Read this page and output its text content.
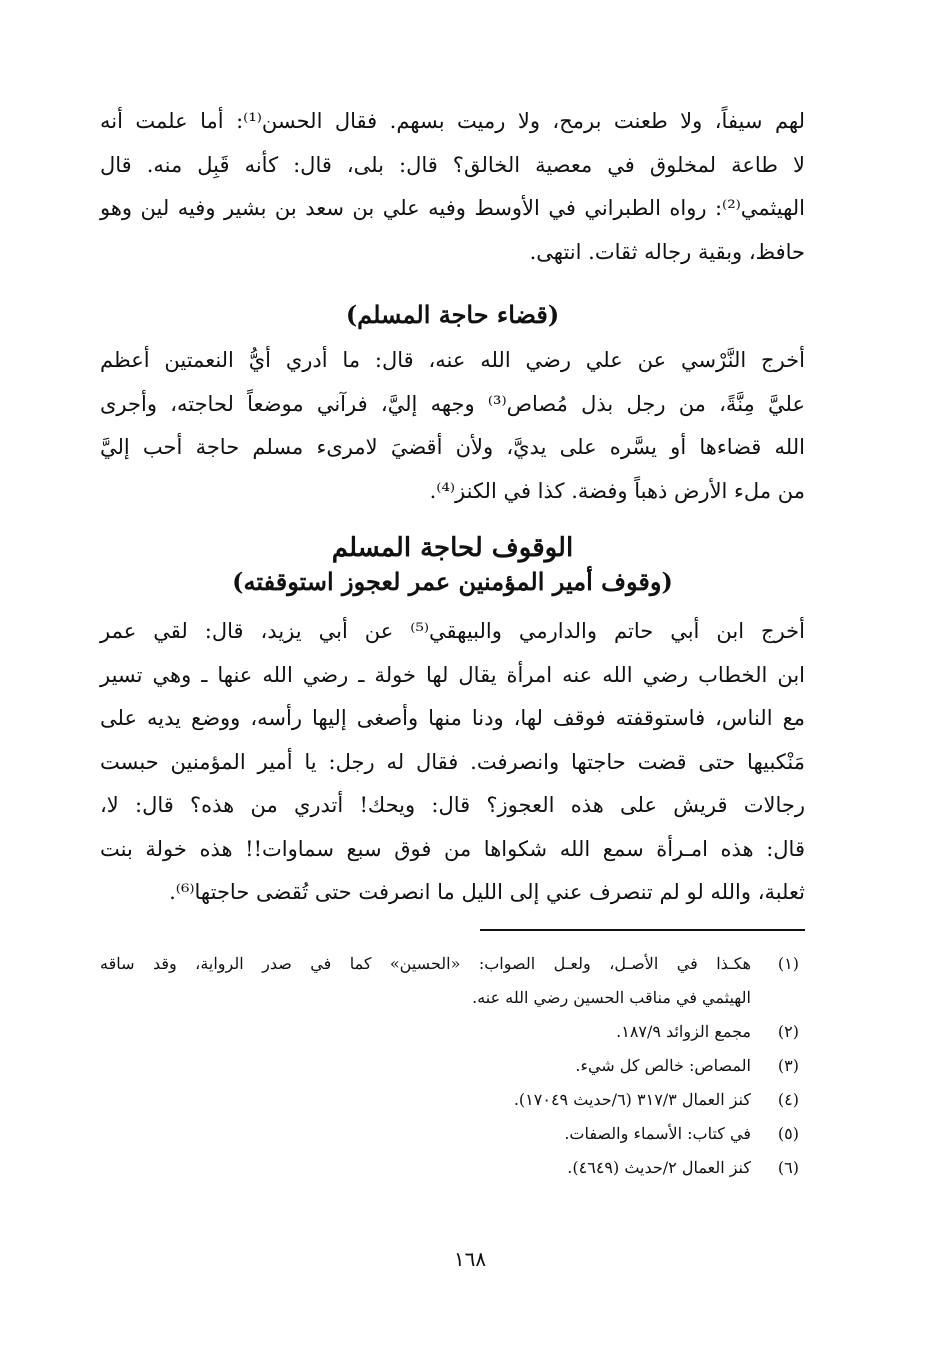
لهم سيفاً، ولا طعنت برمح، ولا رميت بسهم. فقال الحسن⁽¹⁾: أما علمت أنه
لا طاعة لمخلوق في معصية الخالق؟ قال: بلى، قال: كأنه قَبِل منه. قال
الهيثمي⁽²⁾: رواه الطبراني في الأوسط وفيه علي بن سعد بن بشير وفيه لين وهو
حافظ، وبقية رجاله ثقات. انتهى.
(قضاء حاجة المسلم)
أخرج النَّرْسي عن علي رضي الله عنه، قال: ما أدري أيُّ النعمتين أعظم
عليَّ مِنَّةً، من رجل بذل مُصاص⁽³⁾ وجهه إليَّ، فرآني موضعاً لحاجته، وأجرى
الله قضاءها أو يسَّره على يديَّ، ولأن أقضيَ لامرىء مسلم حاجة أحب إليَّ
من ملء الأرض ذهباً وفضة. كذا في الكنز⁽⁴⁾.
الوقوف لحاجة المسلم
(وقوف أمير المؤمنين عمر لعجوز استوقفته)
أخرج ابن أبي حاتم والدارمي والبيهقي⁽⁵⁾ عن أبي يزيد، قال: لقي عمر
ابن الخطاب رضي الله عنه امرأة يقال لها خولة ـ رضي الله عنها ـ وهي تسير
مع الناس، فاستوقفته فوقف لها، ودنا منها وأصغى إليها رأسه، ووضع يديه على
مَنْكبيها حتى قضت حاجتها وانصرفت. فقال له رجل: يا أمير المؤمنين حبست
رجالات قريش على هذه العجوز؟ قال: ويحك! أتدري من هذه؟ قال: لا،
قال: هذه امـرأة سمع الله شكواها من فوق سبع سماوات!! هذه خولة بنت
ثعلبة، والله لو لم تنصرف عني إلى الليل ما انصرفت حتى تُقضى حاجتها⁽⁶⁾.
(١)
هكـذا في الأصـل، ولعـل الصواب: «الحسين» كما في صدر الرواية، وقد ساقه
الهيثمي في مناقب الحسين رضي الله عنه.
(٢)
مجمع الزوائد ١٨٧/٩.
(٣)
المصاص: خالص كل شيء.
(٤)
كنز العمال ٣١٧/٣ (٦/حديث ١٧٠٤٩).
(٥)
في كتاب: الأسماء والصفات.
(٦)
كنز العمال ٢/حديث (٤٦٤٩).
١٦٨
